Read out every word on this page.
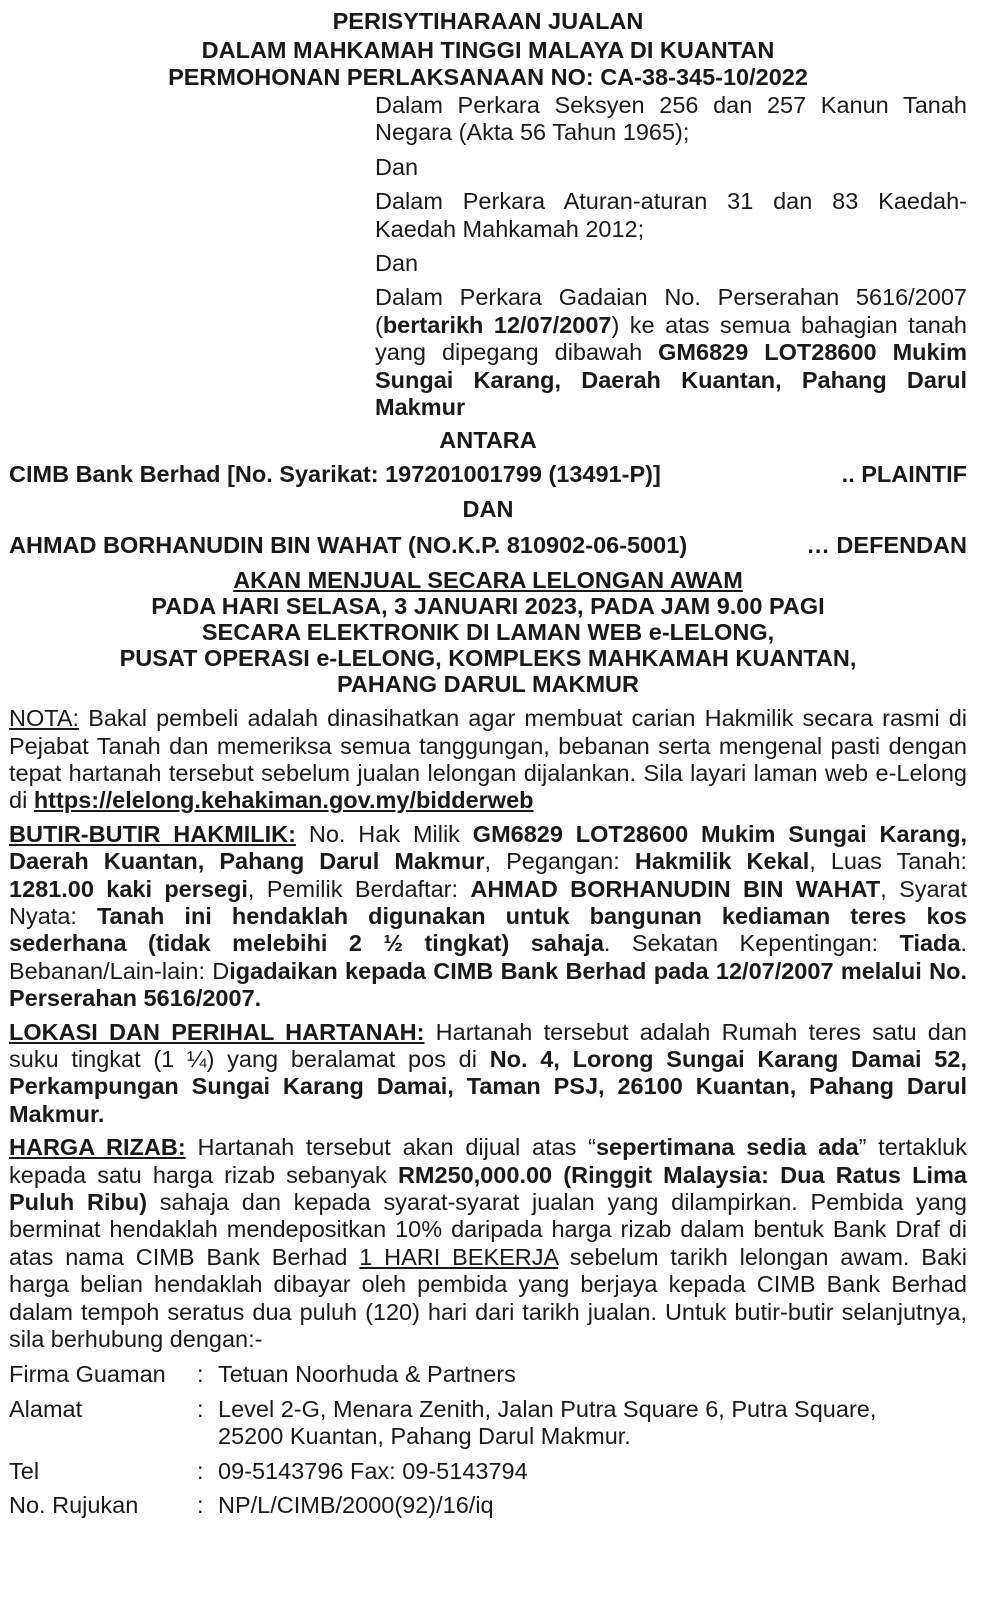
PERISYTIHARAAN JUALAN
DALAM MAHKAMAH TINGGI MALAYA DI KUANTAN
PERMOHONAN PERLAKSANAAN NO: CA-38-345-10/2022

Dalam Perkara Seksyen 256 dan 257 Kanun Tanah Negara (Akta 56 Tahun 1965);

Dan

Dalam Perkara Aturan-aturan 31 dan 83 Kaedah-Kaedah Mahkamah 2012;

Dan

Dalam Perkara Gadaian No. Perserahan 5616/2007 (bertarikh 12/07/2007) ke atas semua bahagian tanah yang dipegang dibawah GM6829 LOT28600 Mukim Sungai Karang, Daerah Kuantan, Pahang Darul Makmur

ANTARA
CIMB Bank Berhad [No. Syarikat: 197201001799 (13491-P)]	.. PLAINTIF
DAN
AHMAD BORHANUDIN BIN WAHAT (NO.K.P. 810902-06-5001)	… DEFENDAN
AKAN MENJUAL SECARA LELONGAN AWAM
PADA HARI SELASA, 3 JANUARI 2023, PADA JAM 9.00 PAGI
SECARA ELEKTRONIK DI LAMAN WEB e-LELONG,
PUSAT OPERASI e-LELONG, KOMPLEKS MAHKAMAH KUANTAN,
PAHANG DARUL MAKMUR

NOTA: Bakal pembeli adalah dinasihatkan agar membuat carian Hakmilik secara rasmi di Pejabat Tanah dan memeriksa semua tanggungan, bebanan serta mengenal pasti dengan tepat hartanah tersebut sebelum jualan lelongan dijalankan. Sila layari laman web e-Lelong di https://elelong.kehakiman.gov.my/bidderweb

BUTIR-BUTIR HAKMILIK: No. Hak Milik GM6829 LOT28600 Mukim Sungai Karang, Daerah Kuantan, Pahang Darul Makmur, Pegangan: Hakmilik Kekal, Luas Tanah: 1281.00 kaki persegi, Pemilik Berdaftar: AHMAD BORHANUDIN BIN WAHAT, Syarat Nyata: Tanah ini hendaklah digunakan untuk bangunan kediaman teres kos sederhana (tidak melebihi 2 ½ tingkat) sahaja. Sekatan Kepentingan: Tiada. Bebanan/Lain-lain: Digadaikan kepada CIMB Bank Berhad pada 12/07/2007 melalui No. Perserahan 5616/2007.

LOKASI DAN PERIHAL HARTANAH: Hartanah tersebut adalah Rumah teres satu dan suku tingkat (1 ¼) yang beralamat pos di No. 4, Lorong Sungai Karang Damai 52, Perkampungan Sungai Karang Damai, Taman PSJ, 26100 Kuantan, Pahang Darul Makmur.

HARGA RIZAB: Hartanah tersebut akan dijual atas “sepertimana sedia ada” tertakluk kepada satu harga rizab sebanyak RM250,000.00 (Ringgit Malaysia: Dua Ratus Lima Puluh Ribu) sahaja dan kepada syarat-syarat jualan yang dilampirkan. Pembida yang berminat hendaklah mendepositkan 10% daripada harga rizab dalam bentuk Bank Draf di atas nama CIMB Bank Berhad 1 HARI BEKERJA sebelum tarikh lelongan awam. Baki harga belian hendaklah dibayar oleh pembida yang berjaya kepada CIMB Bank Berhad dalam tempoh seratus dua puluh (120) hari dari tarikh jualan. Untuk butir-butir selanjutnya, sila berhubung dengan:-

Firma Guaman	: Tetuan Noorhuda & Partners
Alamat	: Level 2-G, Menara Zenith, Jalan Putra Square 6, Putra Square,
25200 Kuantan, Pahang Darul Makmur.
Tel	: 09-5143796 Fax: 09-5143794
No. Rujukan	: NP/L/CIMB/2000(92)/16/iq
